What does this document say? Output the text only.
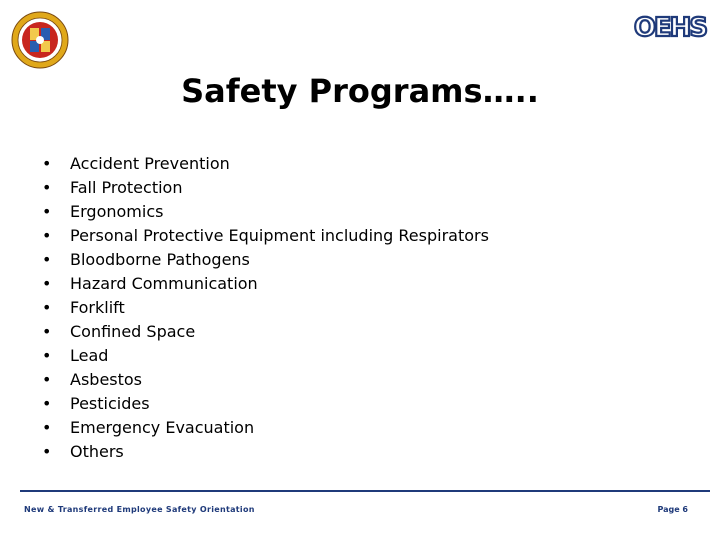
OEHS
Safety Programs…..
•	Accident Prevention
•	Fall Protection
•	Ergonomics
•	Personal Protective Equipment including Respirators
•	Bloodborne Pathogens
•	Hazard Communication
•	Forklift
•	Confined Space
•	Lead
•	Asbestos
•	Pesticides
•	Emergency Evacuation
•	Others
New & Transferred Employee Safety Orientation	Page 6
